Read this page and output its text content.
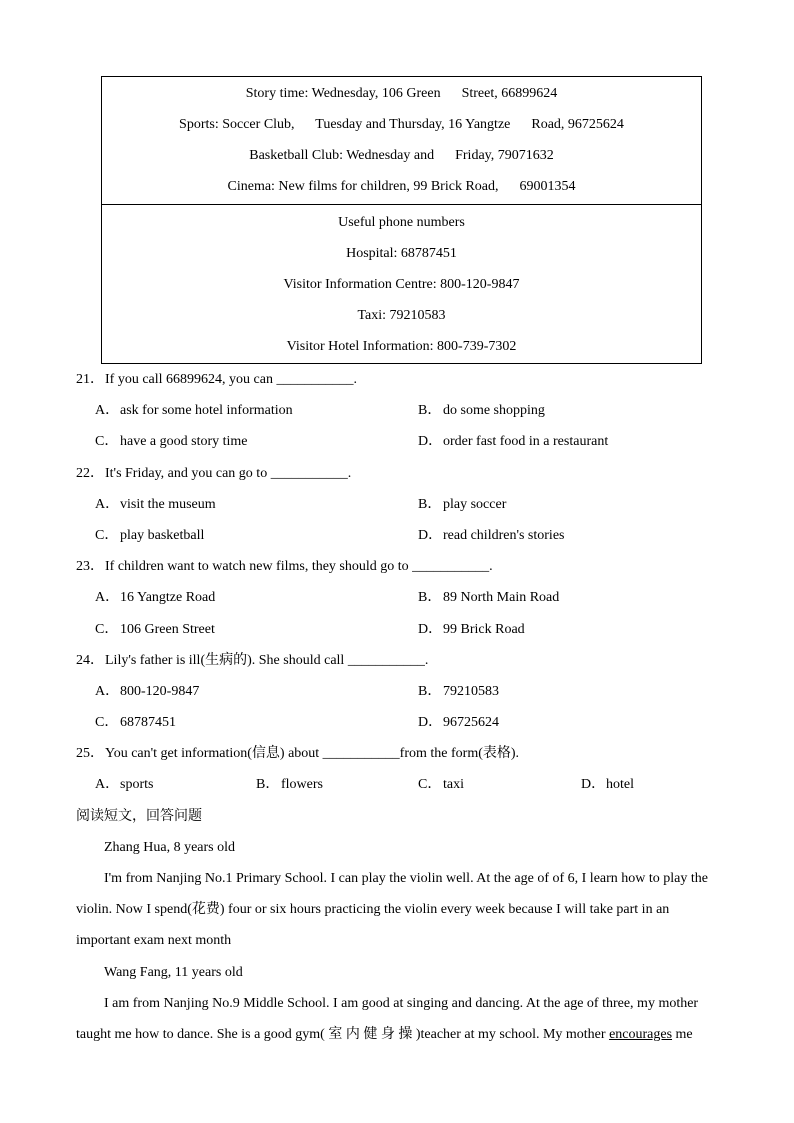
Story time: Wednesday, 106 Green      Street, 66899624
Sports: Soccer Club,      Tuesday and Thursday, 16 Yangtze      Road, 96725624
Basketball Club: Wednesday and      Friday, 79071632
Cinema: New films for children, 99 Brick Road,      69001354
Useful phone numbers
Hospital: 68787451
Visitor Information Centre: 800-120-9847
Taxi: 79210583
Visitor Hotel Information: 800-739-7302
21．If you call 66899624, you can ___________.
A．ask for some hotel information	B． do some shopping
C． have a good story time	D．order fast food in a restaurant
22．It's Friday, and you can go to ___________.
A．visit the museum	B． play soccer
C． play basketball	D．read children's stories
23．If children want to watch new films, they should go to ___________.
A．16 Yangtze Road	B． 89 North Main Road
C． 106 Green Street	D．99 Brick Road
24．Lily's father is ill(生病的). She should call ___________.
A．800-120-9847	B． 79210583
C． 68787451	D．96725624
25．You can't get information(信息) about ___________from the form(表格).
A．sports	B． flowers	C． taxi	D．hotel
阅读短文，回答问题
Zhang Hua, 8 years old
I'm from Nanjing No.1 Primary School. I can play the violin well. At the age of of 6, I learn how to play the
violin. Now I spend(花费) four or six hours practicing the violin every week because I will take part in an
important exam next month
Wang Fang, 11 years old
I am from Nanjing No.9 Middle School. I am good at singing and dancing. At the age of three, my mother
taught me how to dance. She is a good gym( 室 内 健 身 操 )teacher at my school. My mother encourages me
